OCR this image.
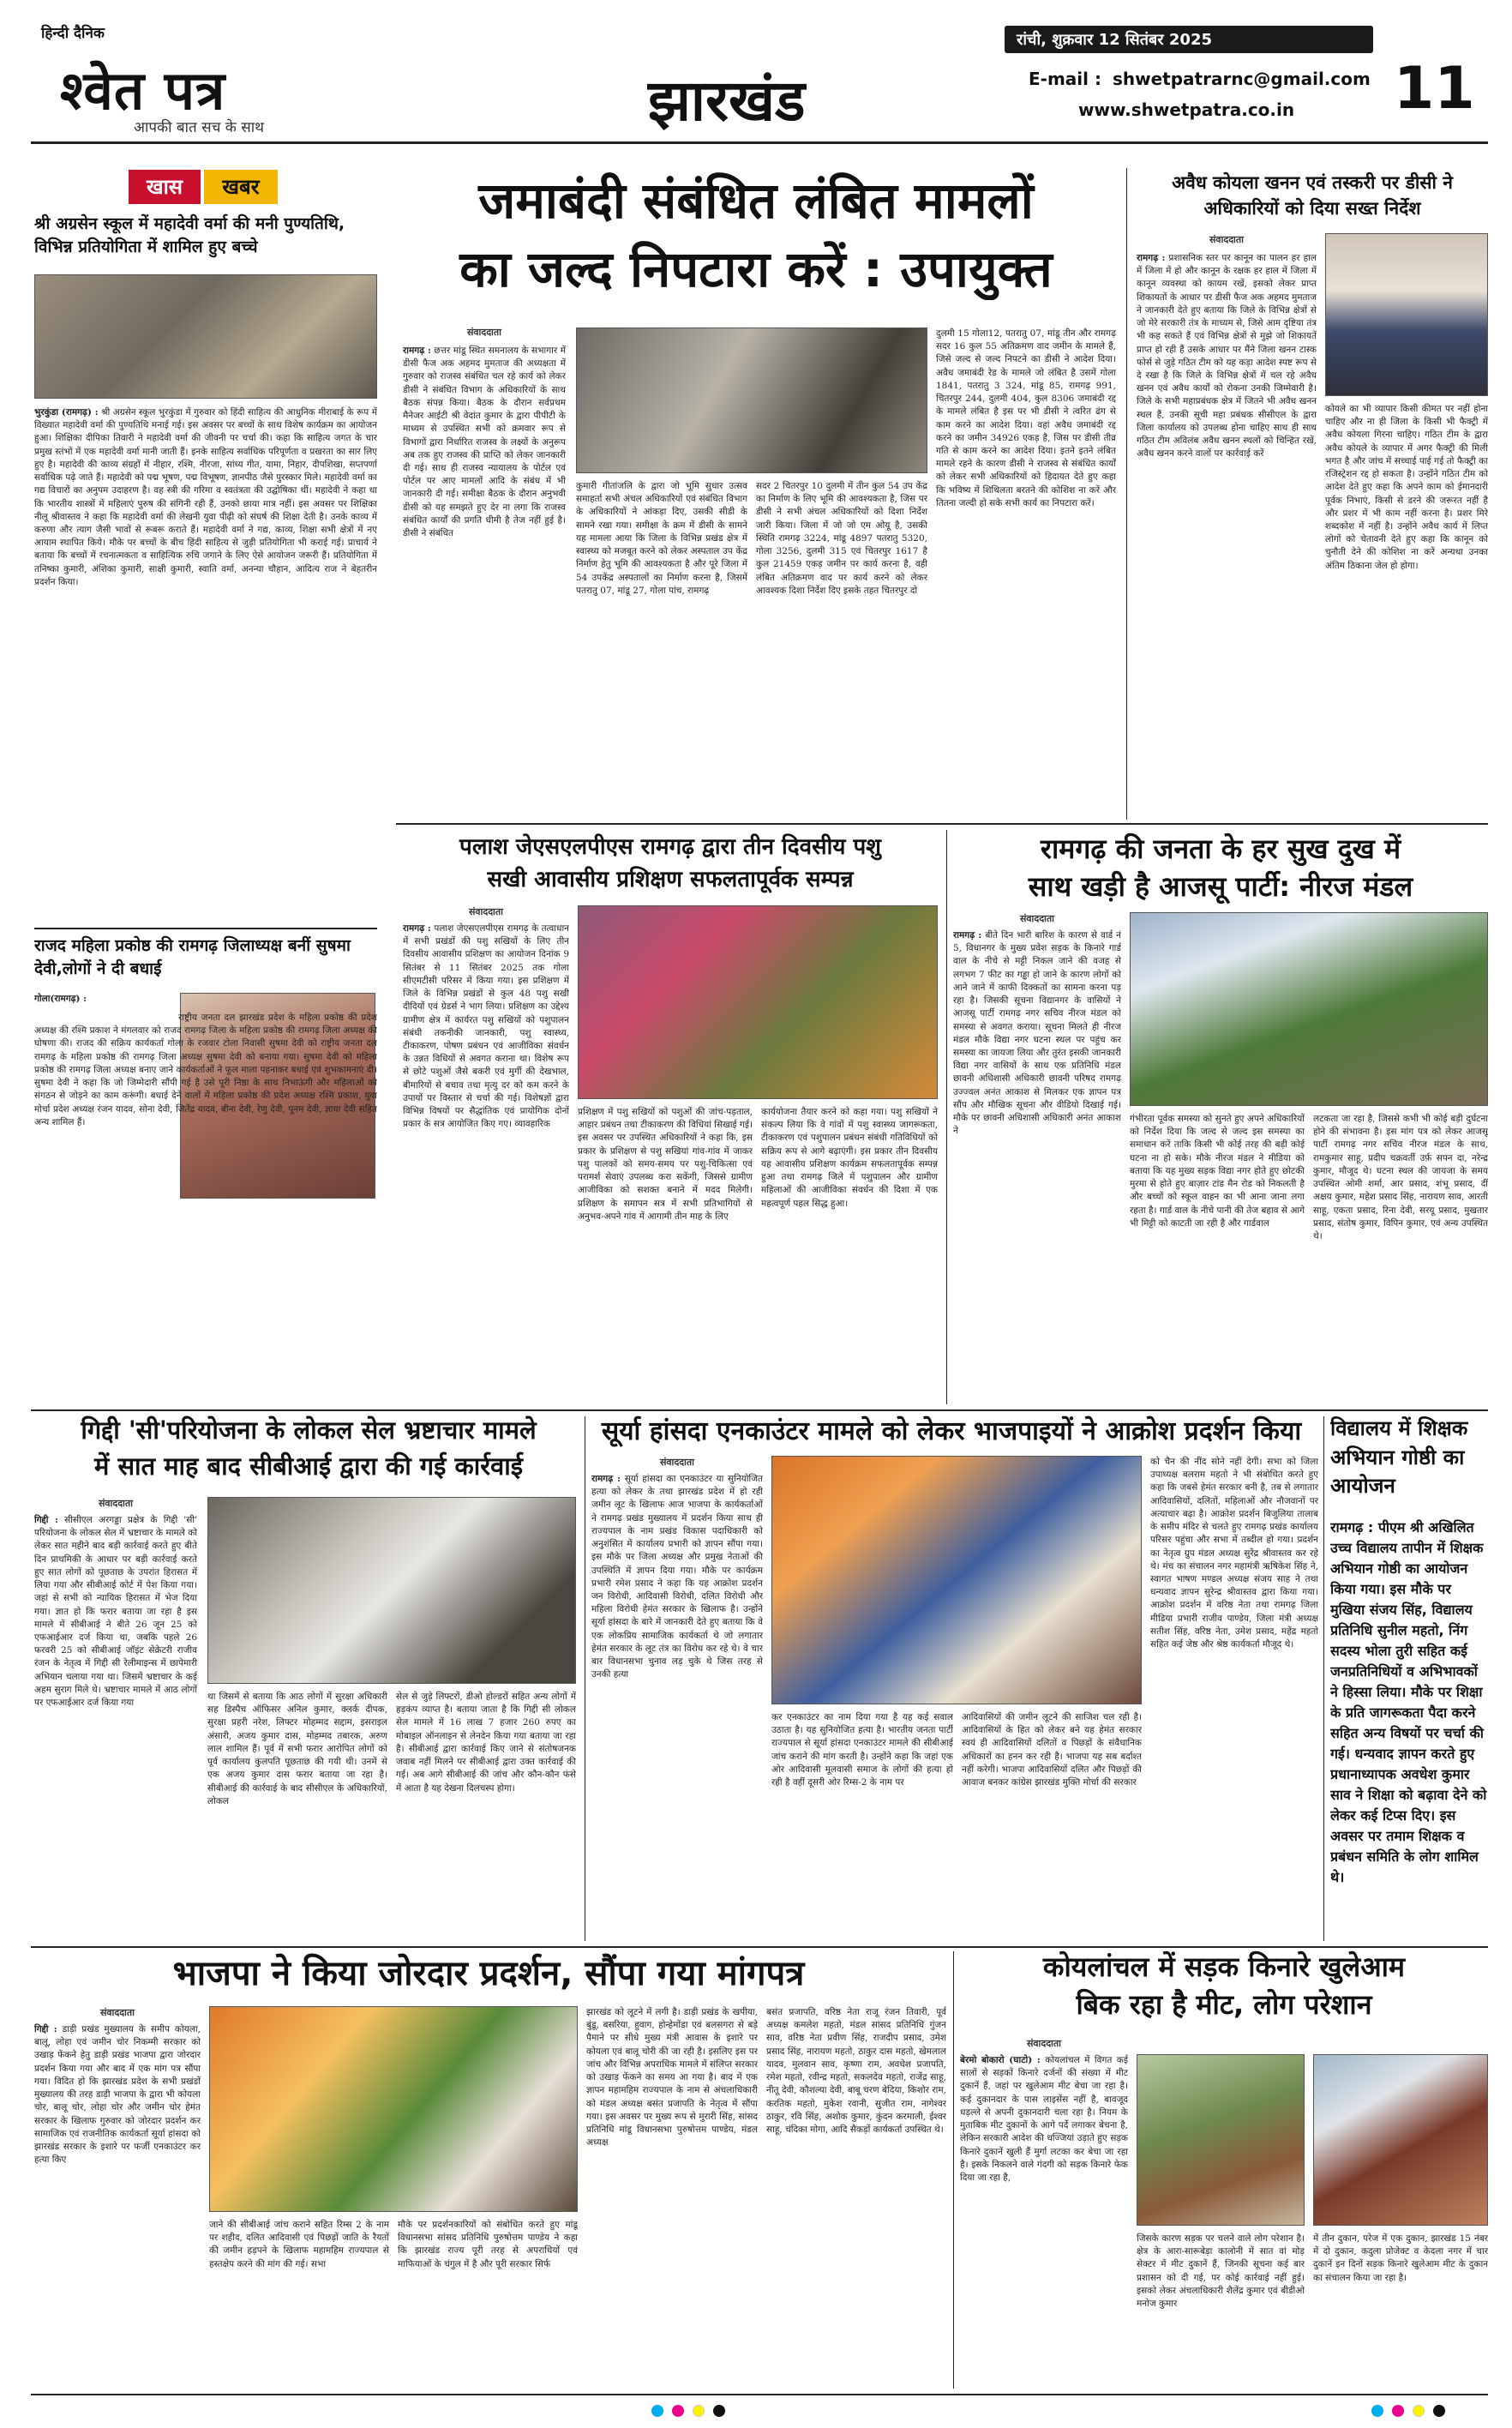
हिन्दी दैनिक
श्वेत पत्र
आपकी बात सच के साथ	झारखंड
रांची, शुक्रवार 12 सितंबर 2025
E-mail : shwetpatrarnc@gmail.com
www.shwetpatra.co.in 11
खास	खबर
श्री अग्रसेन स्कूल में महादेवी वर्मा की मनी पुण्यतिथि, विभिन्न प्रतियोगिता में शामिल हुए बच्चे
भुरकुंडा (रामगढ़) : श्री अग्रसेन स्कूल भुरकुंडा में गुरुवार को हिंदी साहित्य की आधुनिक मीराबाई के रूप में विख्यात महादेवी वर्मा की पुण्यतिथि मनाई गई। इस अवसर पर बच्चों के साथ विशेष कार्यक्रम का आयोजन हुआ। शिक्षिका दीपिका तिवारी ने महादेवी वर्मा की जीवनी पर चर्चा की। कहा कि साहित्य जगत के चार प्रमुख स्तंभों में एक महादेवी वर्मा मानी जाती हैं। इनके साहित्य सर्वाधिक परिपूर्णता व प्रखरता का सार लिए हुए है। महादेवी की काव्य संग्रहों में नीहार, रश्मि, नीरजा, सांध्य गीत, यामा, निहार, दीपशिखा, सप्तपर्णा सर्वाधिक पढ़े जाते हैं। महादेवी को पद्म भूषण, पद्म विभूषण, ज्ञानपीठ जैसे पुरस्कार मिले। महादेवी वर्मा का गद्य विचारों का अनुपम उदाहरण है। वह स्त्री की गरिमा व स्वतंत्रता की उद्घोषिका थीं। महादेवी ने कहा था कि भारतीय शास्त्रों में महिलाएं पुरुष की संगिनी रही हैं, उनको छाया मात्र नहीं। इस अवसर पर शिक्षिका नीलू श्रीवास्तव ने कहा कि महादेवी वर्मा की लेखनी युवा पीढ़ी को संघर्ष की शिक्षा देती है। उनके काव्य में करुणा और त्याग जैसी भावों से रूबरू कराते हैं। महादेवी वर्मा ने गद्य, काव्य, शिक्षा सभी क्षेत्रों में नए आयाम स्थापित किये। मौके पर बच्चों के बीच हिंदी साहित्य से जुड़ी प्रतियोगिता भी कराई गई। प्राचार्य ने बताया कि बच्चों में रचनात्मकता व साहित्यिक रुचि जगाने के लिए ऐसे आयोजन जरूरी हैं। प्रतियोगिता में तनिष्का कुमारी, अंशिका कुमारी, साक्षी कुमारी, स्वाति वर्मा, अनन्या चौहान, आदित्य राज ने बेहतरीन प्रदर्शन किया।
राजद महिला प्रकोष्ठ की रामगढ़ जिलाध्यक्ष बनीं सुषमा देवी,लोगों ने दी बधाई
गोला(रामगढ़) :
राष्ट्रीय जनता दल झारखंड प्रदेश के महिला प्रकोष्ठ की प्रदेश अध्यक्ष की रश्मि प्रकाश ने मंगलवार को राजद रामगढ़ जिला के महिला प्रकोष्ठ की रामगढ़ जिला अध्यक्ष की घोषणा की। राजद की सक्रिय कार्यकर्ता गोला के रजवार टोला निवासी सुषमा देवी को राष्ट्रीय जनता दल रामगढ़ के महिला प्रकोष्ठ की रामगढ़ जिला अध्यक्ष सुषमा देवी को बनाया गया। सुषमा देवी को महिला प्रकोष्ठ की रामगढ़ जिला अध्यक्ष बनाए जाने कार्यकर्ताओं ने फूल माला पहनाकर बधाई एवं शुभकामनाएं दी। सुषमा देवी ने कहा कि जो जिम्मेदारी सौंपी गई है उसे पूरी निष्ठा के साथ निभाऊंगी और महिलाओं को संगठन से जोड़ने का काम करूंगी। बधाई देने वालों में महिला प्रकोष्ठ की प्रदेश अध्यक्ष रश्मि प्रकाश, युवा मोर्चा प्रदेश अध्यक्ष रंजन यादव, सोना देवी, जितेंद्र यादव, बीना देवी, रेणु देवी, पूनम देवी, ज्ञाया देवी सहित अन्य शामिल हैं।
जमाबंदी संबंधित लंबित मामलों
का जल्द निपटारा करें : उपायुक्त
संवाददाता
रामगढ़ : छत्तर मांडू स्थित समनालय के सभागार में डीसी फैज अक अहमद मुमताज की अध्यक्षता में गुरुवार को राजस्व संबंधित चल रहे कार्य को लेकर डीसी ने संबंधित विभाग के अधिकारियों के साथ बैठक संपन्न किया। बैठक के दौरान सर्वप्रथम मैनेजर आईटी श्री वेदांत कुमार के द्वारा पीपीटी के माध्यम से उपस्थित सभी को क्रमवार रूप से विभागों द्वारा निर्धारित राजस्व के लक्ष्यों के अनुरूप अब तक हुए राजस्व की प्राप्ति को लेकर जानकारी दी गई। साथ ही राजस्व न्यायालय के पोर्टल एवं पोर्टल पर आए मामलों आदि के संबंध में भी जानकारी दी गई। समीक्षा बैठक के दौरान अनुभवी डीसी को यह समझते हुए देर ना लगा कि राजस्व संबंधित कार्यों की प्रगति धीमी है तेज नहीं हुई है। डीसी ने संबंधित
कुमारी गीतांजलि के द्वारा जो भूमि सुधार उत्सव समाहर्ता सभी अंचल अधिकारियों एवं संबंधित विभाग के अधिकारियों ने आंकड़ा दिए, उसकी सीडी के सामने रखा गया। समीक्षा के क्रम में डीसी के सामने यह मामला आया कि जिला के विभिन्न प्रखंड क्षेत्र में स्वास्थ्य को मजबूत करने को लेकर अस्पताल उप केंद्र निर्माण हेतु भूमि की आवश्यकता है और पूरे जिला में 54 उपकेंद्र अस्पतालों का निर्माण करना है, जिसमें पतरातु 07, मांडू 27, गोला पांच, रामगढ़
सदर 2 चितरपुर 10 दुलमी में तीन कुल 54 उप केंद्र का निर्माण के लिए भूमि की आवश्यकता है, जिस पर डीसी ने सभी अंचल अधिकारियों को दिशा निर्देश जारी किया। जिला में जो जो एम ओयू है, उसकी स्थिति रामगढ़ 3224, मांडू 4897 पतरातु 5320, गोला 3256, दुलमी 315 एवं चितरपुर 1617 है कुल 21459 एकड़ जमीन पर कार्य करना है, वही लंबित अतिक्रमण वाद पर कार्य करने को लेकर आवश्यक दिशा निर्देश दिए इसके तहत चितरपुर दो
दुलमी 15 गोला12, पतरातु 07, मांडू तीन और रामगढ़ सदर 16 कुल 55 अतिक्रमण वाद जमीन के मामले हैं, जिसे जल्द से जल्द निपटने का डीसी ने आदेश दिया। अवैध जमाबंदी रेड के मामले जो लंबित है उसमें गोला 1841, पतरातु 3 324, मांडू 85, रामगढ़ 991, चितरपुर 244, दुलमी 404, कुल 8306 जमाबंदी रद्द के मामले लंबित है इस पर भी डीसी ने त्वरित ढंग से काम करने का आदेश दिया। वहां अवैध जमाबंदी रद्द करने का जमीन 34926 एकड़ है, जिस पर डीसी तीव्र गति से काम करने का आदेश दिया। इतने इतने लंबित मामले रहने के कारण डीसी ने राजस्व से संबंधित कार्यों को लेकर सभी अधिकारियों को हिदायत देते हुए कहा कि भविष्य में शिथिलता बरतने की कोशिश ना करें और तितना जल्दी हो सके सभी कार्य का निपटारा करें।
अवैध कोयला खनन एवं तस्करी पर डीसी ने अधिकारियों को दिया सख्त निर्देश
संवाददाता
रामगढ़ : प्रशासनिक स्तर पर कानून का पालन हर हाल में जिला में हो और कानून के रक्षक हर हाल में जिला में कानून व्यवस्था को कायम रखें, इसको लेकर प्राप्त शिकायतों के आधार पर डीसी फैज अक अहमद मुमताज ने जानकारी देते हुए बताया कि जिले के विभिन्न क्षेत्रों से जो मेरे सरकारी तंत्र के माध्यम से, जिसे आम दृष्टिया तंत्र भी कह सकते हैं एवं विभिन्न क्षेत्रों से मुझे जो शिकायतें प्राप्त हो रही हैं उसके आधार पर मैंने जिला खनन टास्क फोर्स से जुड़े गठित टीम को यह कड़ा आदेश स्पष्ट रूप से दे रखा है कि जिले के विभिन्न क्षेत्रों में चल रहे अवैध खनन एवं अवैध कार्यों को रोकना उनकी जिम्मेवारी है। जिले के सभी महाप्रबंधक क्षेत्र में जितने भी अवैध खनन स्थल हैं, उनकी सूची महा प्रबंधक सीसीएल के द्वारा जिला कार्यालय को उपलब्ध होना चाहिए साथ ही साथ गठित टीम अविलंब अवैध खनन स्थलों को चिन्हित रखें, अवैध खनन करने वालों पर कार्रवाई करें
कोयले का भी व्यापार किसी कीमत पर नहीं होना चाहिए और ना ही जिला के किसी भी फैक्ट्री में अवैध कोयला गिरना चाहिए। गठित टीम के द्वारा अवैध कोयले के व्यापार में अगर फैक्ट्री की मिली भगत है और जांच में सच्चाई पाई गई तो फैक्ट्री का रजिस्ट्रेशन रद्द हो सकता है। उन्होंने गठित टीम को आदेश देते हुए कहा कि अपने काम को ईमानदारी पूर्वक निभाएं, किसी से डरने की जरूरत नहीं है और प्रशर में भी काम नहीं करना है। प्रशर मिरे शब्दकोश में नहीं है। उन्होंने अवैध कार्य में लिप्त लोगों को चेतावनी देते हुए कहा कि कानून को चुनौती देने की कोशिश ना करें अन्यथा उनका अंतिम ठिकाना जेल हो होगा।
पलाश जेएसएलपीएस रामगढ़ द्वारा तीन दिवसीय पशु
सखी आवासीय प्रशिक्षण सफलतापूर्वक सम्पन्न
संवाददाता
रामगढ़ : पलाश जेएसएलपीएस रामगढ़ के तत्वाधान में सभी प्रखंडों की पशु सखियों के लिए तीन दिवसीय आवासीय प्रशिक्षण का आयोजन दिनांक 9 सितंबर से 11 सितंबर 2025 तक गोला सीएमटीसी परिसर में किया गया। इस प्रशिक्षण में जिले के विभिन्न प्रखंडों से कुल 48 पशु सखी दीदियों एवं ग्रेडर्स ने भाग लिया। प्रशिक्षण का उद्देश्य ग्रामीण क्षेत्र में कार्यरत पशु सखियों को पशुपालन संबंधी तकनीकी जानकारी, पशु स्वास्थ्य, टीकाकरण, पोषण प्रबंधन एवं आजीविका संवर्धन के उन्नत विधियों से अवगत कराना था। विशेष रूप से छोटे पशुओं जैसे बकरी एवं मुर्गी की देखभाल, बीमारियों से बचाव तथा मृत्यु दर को कम करने के उपायों पर विस्तार से चर्चा की गई। विशेषज्ञों द्वारा विभिन्न विषयों पर सैद्धांतिक एवं प्रायोगिक दोनों प्रकार के सत्र आयोजित किए गए। व्यावहारिक
प्रशिक्षण में पशु सखियों को पशुओं की जांच-पड़ताल, आहार प्रबंधन तथा टीकाकरण की विधियां सिखाई गई। इस अवसर पर उपस्थित अधिकारियों ने कहा कि, इस प्रकार के प्रशिक्षण से पशु सखियां गांव-गांव में जाकर पशु पालकों को समय-समय पर पशु-चिकित्सा एवं परामर्श सेवाएं उपलब्ध करा सकेंगी, जिससे ग्रामीण आजीविका को सशक्त बनाने में मदद मिलेगी। प्रशिक्षण के समापन सत्र में सभी प्रतिभागियों से अनुभव-अपने गांव में आगामी तीन माह के लिए
कार्ययोजना तैयार करने को कहा गया। पशु सखियों ने संकल्प लिया कि वे गांवों में पशु स्वास्थ्य जागरूकता, टीकाकरण एवं पशुपालन प्रबंधन संबंधी गतिविधियों को सक्रिय रूप से आगे बढ़ाएंगी। इस प्रकार तीन दिवसीय यह आवासीय प्रशिक्षण कार्यक्रम सफलतापूर्वक सम्पन्न हुआ तथा रामगढ़ जिले में पशुपालन और ग्रामीण महिलाओं की आजीविका संवर्धन की दिशा में एक महत्वपूर्ण पहल सिद्ध हुआ।
रामगढ़ की जनता के हर सुख दुख में
साथ खड़ी है आजसू पार्टी: नीरज मंडल
संवाददाता
रामगढ़ : बीते दिन भारी बारिश के कारण से वार्ड नं 5, विधानगर के मुख्य प्रवेश सड़क के किनारे गार्ड वाल के नीचे से मट्टी निकल जाने की वजह से लगभग 7 फीट का गड्ढा हो जाने के कारण लोगों को आने जाने में काफी दिक्कतों का सामना करना पड़ रहा है। जिसकी सूचना विद्यानगर के वासियों ने आजसू पार्टी रामगढ़ नगर सचिव नीरज मंडल को समस्या से अवगत कराया। सूचना मिलते ही नीरज मंडल मौके विद्या नगर घटना स्थल पर पहुंच कर समस्या का जायजा लिया और तुरंत इसकी जानकारी विद्या नगर वासियों के साथ एक प्रतिनिधि मंडल छावनी अधिशासी अधिकारी छावनी परिषद रामगढ़ उज्ज्वल अनंत आकाश से मिलकर एक ज्ञापन पत्र सौंप और मौखिक सूचना और वीडियो दिखाई गई। मौके पर छावनी अधिशासी अधिकारी अनंत आकाश ने
गंभीरता पूर्वक समस्या को सुनते हुए अपने अधिकारियों को निर्देश दिया कि जल्द से जल्द इस समस्या का समाधान करें ताकि किसी भी कोई तरह की बड़ी कोई घटना ना हो सके। मौके नीरज मंडल ने मीडिया को बताया कि यह मुख्य सड़क विद्या नगर होते हुए छोटकी मुरमा से होते हुए बाज़ार टांड मैन रोड को निकलती है और बच्चों को स्कूल वाहन का भी आना जाना लगा रहता है। गार्ड वाल के नीचे पानी की तेज बहाव से आगे भी मिट्टी को काटती जा रही है और गार्डवाल
लटकता जा रहा है, जिससे कभी भी कोई बड़ी दुर्घटना होने की संभावना है। इस मांग पत्र को लेकर आजसू पार्टी रामगढ़ नगर सचिव नीरज मंडल के साथ, रामकुमार साहू, प्रदीप चक्रवर्ती उर्फ़ सपन दा, नरेन्द्र कुमार, मौजूद थे। घटना स्थल की जायजा के समय उपस्थित ओमी शर्मा, आर प्रसाद, शंभू प्रसाद, दीं अक्षय कुमार, महेश प्रसाद सिंह, नारायण साव, आरती साहू, एकता प्रसाद, रिना देवी, सरयू प्रसाद, मुखतार प्रसाद, संतोष कुमार, विपिन कुमार, एवं अन्य उपस्थित थे।
गिद्दी 'सी'परियोजना के लोकल सेल भ्रष्टाचार मामले
में सात माह बाद सीबीआई द्वारा की गई कार्रवाई
संवाददाता
गिद्दी : सीसीएल अरगड्डा प्रक्षेत्र के गिद्दी 'सी' परियोजना के लोकल सेल में भ्रष्टाचार के मामले को लेकर सात महीने बाद बड़ी कार्रवाई करते हुए बीते दिन प्राथमिकी के आधार पर बड़ी कार्रवाई करते हुए सात लोगों को पूछताछ के उपरांत हिरासत में लिया गया और सीबीआई कोर्ट में पेश किया गया। जहां से सभी को न्यायिक हिरासत में भेज दिया गया। ज्ञात हो कि फरार बताया जा रहा है इस मामले में सीबीआई ने बीते 26 जून 25 को एफआईआर दर्ज किया था, जबकि पहले 26 फरवरी 25 को सीबीआई जॉइंट सेक्रेटरी राजीव रंजन के नेतृत्व में गिद्दी सी रेलीमाइन्स में छापेमारी अभियान चलाया गया था। जिसमें भ्रष्टाचार के कई अहम सुराग मिले थे। भ्रष्टाचार मामले में आठ लोगों पर एफआईआर दर्ज किया गया
था जिसमें से बताया कि आठ लोगों में सुरक्षा अधिकारी सह डिस्पैच ऑफिसर अनिल कुमार, क्लर्क दीपक, सुरक्षा प्रहरी नरेश, लिफ्टर मोहम्मद सद्दाम, इसराइल अंसारी, अजय कुमार दास, मोहम्मद तबारक, अरुण लाल शामिल हैं। पूर्व में सभी फरार आरोपित लोगों को पूर्व कार्यालय कुलपति पूछताछ की गयी थी। उनमें से एक अजय कुमार दास फरार बताया जा रहा है। सीबीआई की कार्रवाई के बाद सीसीएल के अधिकारियों, लोकल
सेल से जुड़े लिफ्टरों, डीओ होल्डरों सहित अन्य लोगों में हड़कंप व्याप्त है। बताया जाता है कि गिद्दी सी लोकल सेल मामले में 16 लाख 7 हजार 260 रुपए का मोबाइल ऑनलाइन से लेनदेन किया गया बताया जा रहा है। सीबीआई द्वारा कार्रवाई किए जाने से संतोषजनक जवाब नहीं मिलने पर सीबीआई द्वारा उक्त कार्रवाई की गई। अब आगे सीबीआई की जांच और कौन-कौन फंसे में आता है यह देखना दिलचस्प होगा।
सूर्या हांसदा एनकाउंटर मामले को लेकर भाजपाइयों ने आक्रोश प्रदर्शन किया
संवाददाता
रामगढ़ : सूर्या हांसदा का एनकाउंटर या सुनियोजित हत्या को लेकर के तथा झारखंड प्रदेश में हो रही जमीन लूट के खिलाफ आज भाजपा के कार्यकर्ताओं ने रामगढ़ प्रखंड मुख्यालय में प्रदर्शन किया साथ ही राज्यपाल के नाम प्रखंड विकास पदाधिकारी को अनुशंसित में कार्यालय प्रभारी को ज्ञापन सौंपा गया। इस मौके पर जिला अध्यक्ष और प्रमुख नेताओं की उपस्थिति में ज्ञापन दिया गया। मौके पर कार्यक्रम प्रभारी रमेश प्रसाद ने कहा कि यह आक्रोश प्रदर्शन जन विरोधी, आदिवासी विरोधी, दलित विरोधी और महिला विरोधी हेमंत सरकार के खिलाफ है। उन्होंने सूर्या हांसदा के बारे में जानकारी देते हुए बताया कि वे एक लोकप्रिय सामाजिक कार्यकर्ता थे जो लगातार हेमंत सरकार के लूट तंत्र का विरोध कर रहे थे। वे चार बार विधानसभा चुनाव लड़ चुके थे जिस तरह से उनकी हत्या
कर एनकाउंटर का नाम दिया गया है यह कई सवाल उठाता है। यह सुनियोजित हत्या है। भारतीय जनता पार्टी राज्यपाल से सूर्या हांसदा एनकाउंटर मामले की सीबीआई जांच कराने की मांग करती है। उन्होंने कहा कि जहां एक ओर आदिवासी मूलवासी समाज के लोगों की हत्या हो रही है वहीं दूसरी ओर रिम्स-2 के नाम पर
आदिवासियों की जमीन लूटने की साजिश चल रही है। आदिवासियों के हित को लेकर बने यह हेमंत सरकार स्वयं ही आदिवासियों दलितों व पिछड़ों के संवैधानिक अधिकारों का हनन कर रही है। भाजपा यह सब बर्दाश्त नहीं करेगी। भाजपा आदिवासियों दलित और पिछड़ों की आवाज बनकर कांग्रेस झारखंड मुक्ति मोर्चा की सरकार
को चैन की नींद सोने नहीं देगी। सभा को जिला उपाध्यक्ष बलराम महतो ने भी संबोधित करते हुए कहा कि जबसे हेमंत सरकार बनी है, तब से लगातार आदिवासियों, दलितों, महिलाओं और नौजवानों पर अत्याचार बढ़ा है। आक्रोश प्रदर्शन बिजुलिया तालाब के समीप मंदिर से चलते हुए रामगढ़ प्रखंड कार्यालय परिसर पहुंचा और सभा में तब्दील हो गया। प्रदर्शन का नेतृत्व ग्रुप मंडल अध्यक्ष सुरेंद्र श्रीवास्तव कर रहे थे। मंच का संचालन नगर महामंत्री ऋषिकेश सिंह ने, स्वागत भाषण मण्डल अध्यक्ष संजय साह ने तथा धन्यवाद ज्ञापन सुरेन्द्र श्रीवास्तव द्वारा किया गया। आक्रोश प्रदर्शन में वरिष्ठ नेता तथा रामगढ़ जिला मीडिया प्रभारी राजीव पाण्डेय, जिला मंत्री अध्यक्ष सतीश सिंह, वरिष्ठ नेता, उमेश प्रसाद, महेंद्र महतो सहित कई जेष्ठ और श्रेष्ठ कार्यकर्ता मौजूद थे।
विद्यालय में शिक्षक अभियान गोष्ठी का आयोजन
रामगढ़ : पीएम श्री अखिलित उच्च विद्यालय तापीन में शिक्षक अभियान गोष्ठी का आयोजन किया गया। इस मौके पर मुखिया संजय सिंह, विद्यालय प्रतिनिधि सुनील महतो, निंग सदस्य भोला तुरी सहित कई जनप्रतिनिधियों व अभिभावकों ने हिस्सा लिया। मौके पर शिक्षा के प्रति जागरूकता पैदा करने सहित अन्य विषयों पर चर्चा की गई। धन्यवाद ज्ञापन करते हुए प्रधानाध्यापक अवधेश कुमार साव ने शिक्षा को बढ़ावा देने को लेकर कई टिप्स दिए। इस अवसर पर तमाम शिक्षक व प्रबंधन समिति के लोग शामिल थे।
भाजपा ने किया जोरदार प्रदर्शन, सौंपा गया मांगपत्र
संवाददाता
गिद्दी : डाड़ी प्रखंड मुख्यालय के समीप कोयला, बालू, लोहा एवं जमीन चोर निकम्मी सरकार को उखाड़ फेंकने हेतु डाड़ी प्रखंड भाजपा द्वारा जोरदार प्रदर्शन किया गया और बाद में एक मांग पत्र सौंपा गया। विदित हो कि झारखंड प्रदेश के सभी प्रखंडों मुख्यालय की तरह डाड़ी भाजपा के द्वारा भी कोयला चोर, बालू चोर, लोहा चोर और जमीन चोर हेमंत सरकार के खिलाफ गुरुवार को जोरदार प्रदर्शन कर सामाजिक एवं राजनीतिक कार्यकर्ता सूर्या हांसदा को झारखंड सरकार के इशारे पर फर्जी एनकाउंटर कर हत्या किए
जाने की सीबीआई जांच कराने सहित रिम्स 2 के नाम पर शहीद, दलित आदिवासी एवं पिछड़ों जाति के रैयतों की जमीन हड़पने के खिलाफ महामहिम राज्यपाल से हस्तक्षेप करने की मांग की गई। सभा
मौके पर प्रदर्शनकारियों को संबोधित करते हुए मांडू विधानसभा सांसद प्रतिनिधि पुरुषोत्तम पाण्डेय ने कहा कि झारखंड राज्य पूरी तरह से अपराधियों एवं माफियाओं के चंगुल में है और पूरी सरकार सिर्फ
झारखंड को लूटने में लगी है। डाड़ी प्रखंड के खपीया, बुंडू, बसरिया, हुवाग, होन्हेमोंडा एवं बलसगरा से बड़े पैमाने पर सीधे मुख्य मंत्री आवास के इशारे पर कोयला एवं बालू चोरी की जा रही है। इसलिए इस पर जांच और विभिन्न अपराधिक मामले में संलिप्त सरकार को उखाड़ फेंकने का समय आ गया है। बाद में एक ज्ञापन महामहिम राज्यपाल के नाम से अंचलाधिकारी को मंडल अध्यक्ष बसंत प्रजापति के नेतृत्व में सौंपा गया। इस अवसर पर मुख्य रूप से मुरारी सिंह, सांसद प्रतिनिधि मांडू विधानसभा पुरुषोत्तम पाण्डेय, मंडल अध्यक्ष
बसंत प्रजापति, वरिष्ठ नेता राजू रंजन तिवारी, पूर्व अध्यक्ष कमलेश महतो, मंडल सांसद प्रतिनिधि गुंजन साव, वरिष्ठ नेता प्रवीण सिंह, राजदीप प्रसाद, उमेश प्रसाद सिंह, नारायण महतो, ठाकुर दास महतो, खेमलाल यादव, मुलवान साव, कृष्णा राम, अवधेश प्रजापति, रमेश महतो, रवीन्द्र महतो, सकलदेव महतो, राजेंद्र साहू, नीतू देवी, कौशल्या देवी, बाबू चरण बेदिया, किशोर राम, करतिक महतो, मुकेश रवानी, सुजीत राम, नागेश्वर ठाकुर, रवि सिंह, अशोक कुमार, कुंदन करमाली, ईश्वर साहू, चंदिका मोगा, आदि सैकड़ों कार्यकर्ता उपस्थित थे।
कोयलांचल में सड़क किनारे खुलेआम
बिक रहा है मीट, लोग परेशान
संवाददाता
बेरमो बोकारो (घाटो) : कोयलांचल में विगत कई सालों से सड़कों किनारे दर्जनों की संख्या में मीट दुकानें हैं, जहां पर खुलेआम मीट बेचा जा रहा है। कई दुकानदार के पास लाइसेंस नहीं है, बावजूद धड़ल्ले से अपनी दुकानदारी चला रहा है। नियम के मुताबिक मीट दुकानों के आगे पर्दे लगाकर बेचना है, लेकिन सरकारी आदेश की धज्जियां उड़ाते हुए सड़क किनारे दुकानें खुली हैं मुर्गा लटका कर बेचा जा रहा है। इसके निकलने वाले गंदगी को सड़क किनारे फेक दिया जा रहा है,
जिसके कारण सड़क पर चलने वाले लोग परेशान है। क्षेत्र के आरा-सारूबेड़ा कालोनी में सात वां मोड़ सेक्टर में मीट दुकानें हैं, जिनकी सूचना कई बार प्रशासन को दी गई, पर कोई कार्रवाई नहीं हुई। इसको लेकर अंचलाधिकारी शैलेंद्र कुमार एवं बीडीओ मनोज कुमार
में तीन दुकान, परेज में एक दुकान, झारखंड 15 नंबर में दो दुकान, कदुला प्रोजेक्ट व केदला नगर में चार दुकानें इन दिनों सड़क किनारे खुलेआम मीट के दुकान का संचालन किया जा रहा है।
